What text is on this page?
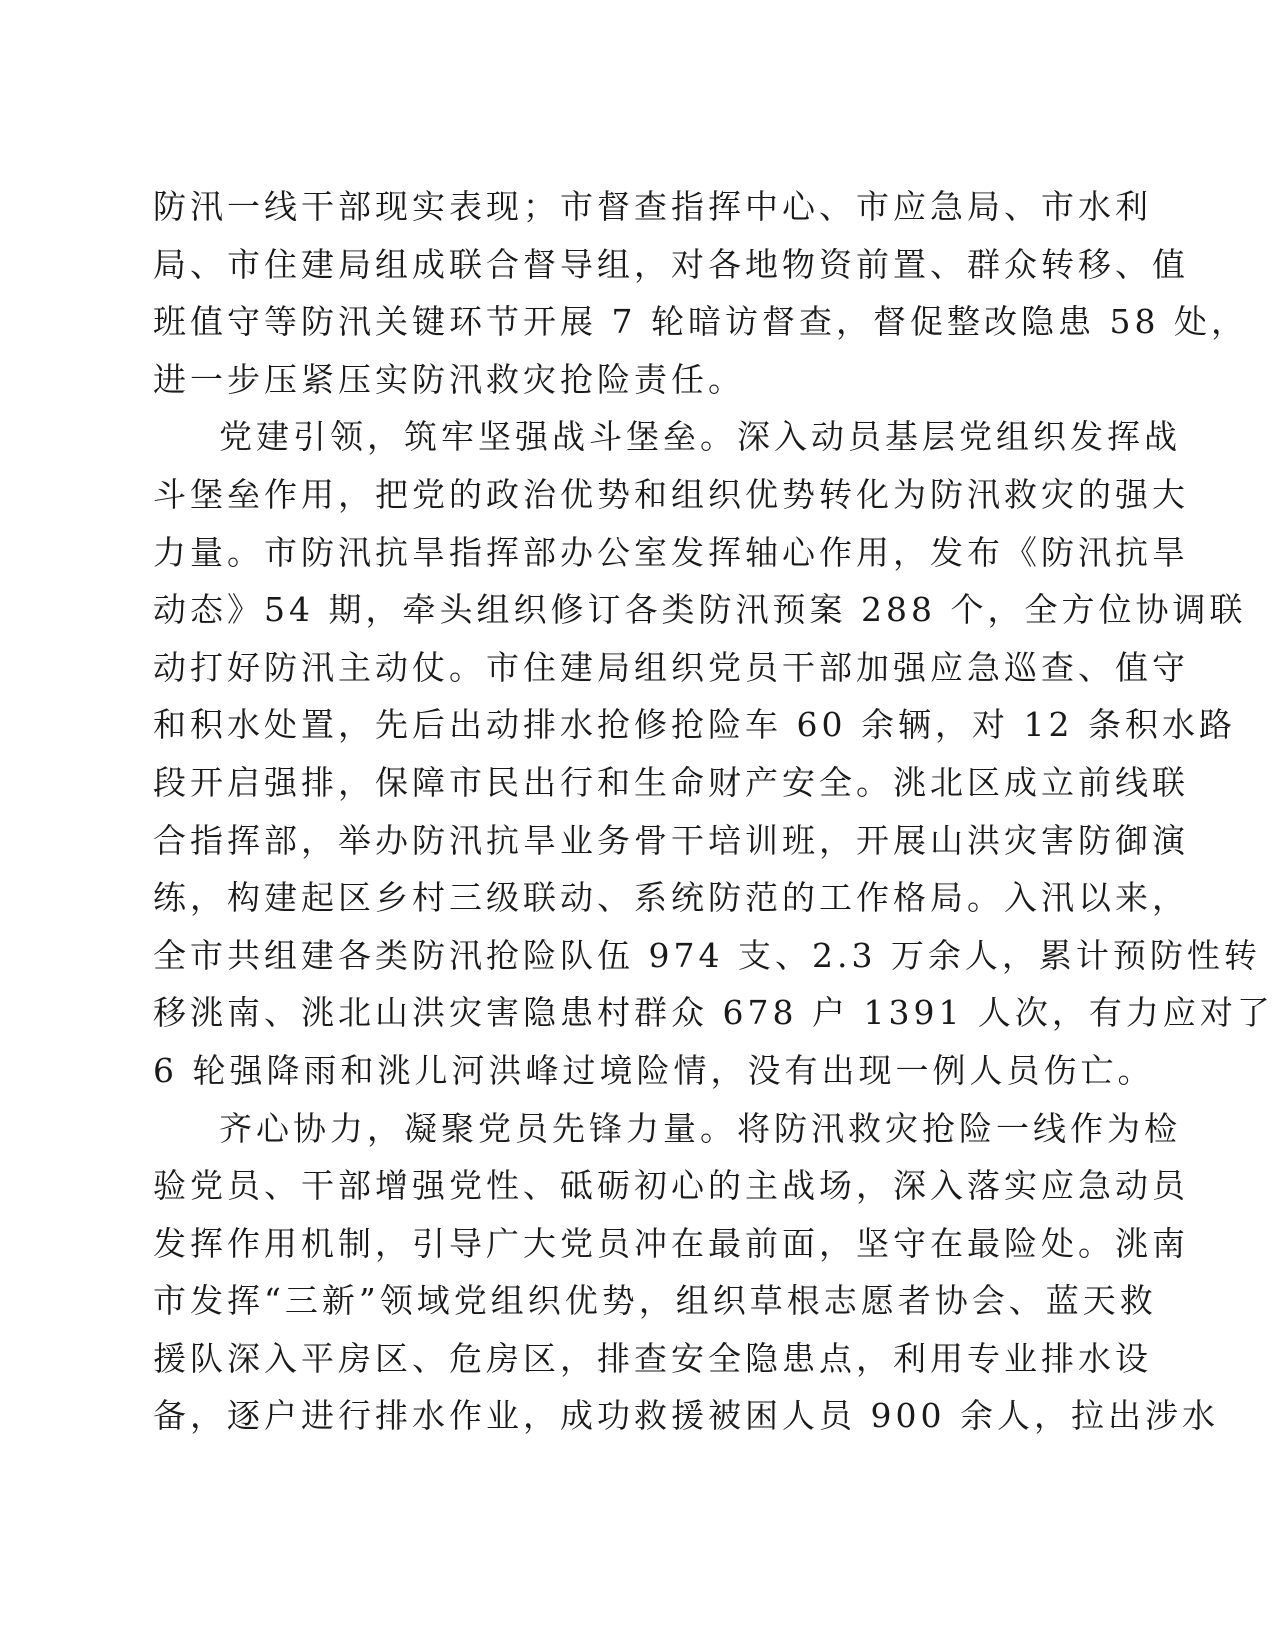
防汛一线干部现实表现；市督查指挥中心、市应急局、市水利
局、市住建局组成联合督导组，对各地物资前置、群众转移、值
班值守等防汛关键环节开展 7 轮暗访督查，督促整改隐患 58 处，
进一步压紧压实防汛救灾抢险责任。
党建引领，筑牢坚强战斗堡垒。深入动员基层党组织发挥战
斗堡垒作用，把党的政治优势和组织优势转化为防汛救灾的强大
力量。市防汛抗旱指挥部办公室发挥轴心作用，发布《防汛抗旱
动态》54 期，牵头组织修订各类防汛预案 288 个，全方位协调联
动打好防汛主动仗。市住建局组织党员干部加强应急巡查、值守
和积水处置，先后出动排水抢修抢险车 60 余辆，对 12 条积水路
段开启强排，保障市民出行和生命财产安全。洮北区成立前线联
合指挥部，举办防汛抗旱业务骨干培训班，开展山洪灾害防御演
练，构建起区乡村三级联动、系统防范的工作格局。入汛以来，
全市共组建各类防汛抢险队伍 974 支、2.3 万余人，累计预防性转
移洮南、洮北山洪灾害隐患村群众 678 户 1391 人次，有力应对了
6 轮强降雨和洮儿河洪峰过境险情，没有出现一例人员伤亡。
齐心协力，凝聚党员先锋力量。将防汛救灾抢险一线作为检
验党员、干部增强党性、砥砺初心的主战场，深入落实应急动员
发挥作用机制，引导广大党员冲在最前面，坚守在最险处。洮南
市发挥“三新”领域党组织优势，组织草根志愿者协会、蓝天救
援队深入平房区、危房区，排查安全隐患点，利用专业排水设
备，逐户进行排水作业，成功救援被困人员 900 余人，拉出涉水
